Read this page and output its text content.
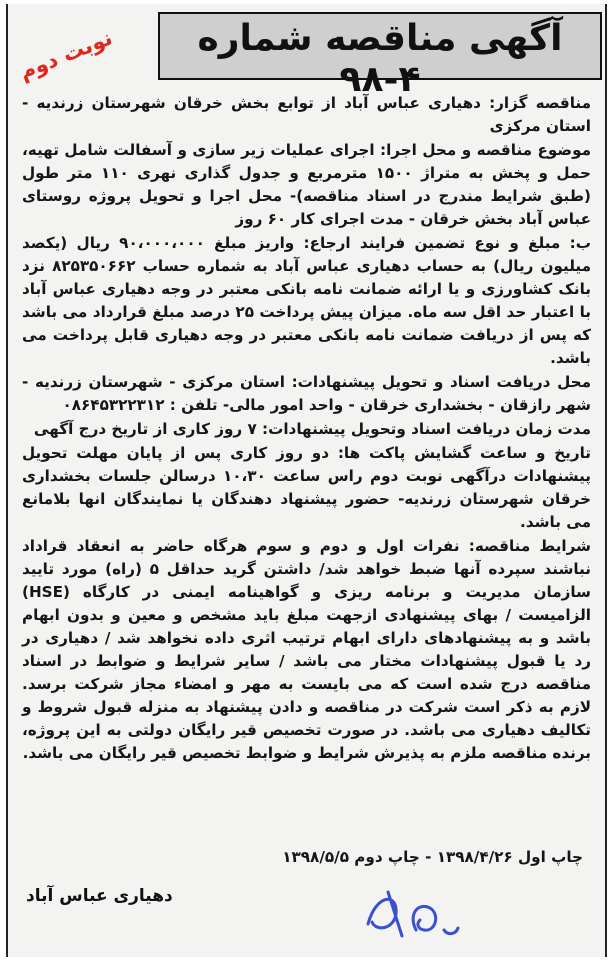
آگهی مناقصه شماره ۴-۹۸
نوبت دوم

مناقصه گزار: دهیاری عباس آباد از توابع بخش خرقان شهرستان زرندیه - استان مرکزی

موضوع مناقصه و محل اجرا: اجرای عملیات زیر سازی و آسفالت شامل تهیه، حمل و پخش به متراژ ۱۵۰۰ مترمربع و جدول گذاری نهری ۱۱۰ متر طول (طبق شرایط مندرج در اسناد مناقصه)- محل اجرا و تحویل پروژه روستای عباس آباد بخش خرقان - مدت اجرای کار ۶۰ روز

ب: مبلغ و نوع تضمین فرایند ارجاع: واریز مبلغ ۹۰،۰۰۰،۰۰۰ ریال (یکصد میلیون ریال) به حساب دهیاری عباس آباد به شماره حساب ۸۲۵۳۵۰۶۶۲ نزد بانک کشاورزی و یا ارائه ضمانت نامه بانکی معتبر در وجه دهیاری عباس آباد با اعتبار حد اقل سه ماه. میزان پیش پرداخت ۲۵ درصد مبلغ قرارداد می باشد که پس از دریافت ضمانت نامه بانکی معتبر در وجه دهیاری قابل پرداخت می باشد.

محل دریافت اسناد و تحویل پیشنهادات: استان مرکزی - شهرستان زرندیه - شهر رازقان - بخشداری خرقان - واحد امور مالی- تلفن : ۰۸۶۴۵۳۲۲۳۱۲

مدت زمان دریافت اسناد وتحویل پیشنهادات: ۷ روز کاری از تاریخ درج آگهی

تاریخ و ساعت گشایش پاکت ها: دو روز کاری پس از پایان مهلت تحویل پیشنهادات درآگهی نوبت دوم راس ساعت ۱۰،۳۰ درسالن جلسات بخشداری خرقان شهرستان زرندیه- حضور پیشنهاد دهندگان یا نمایندگان انها بلامانع می باشد.

شرایط مناقصه: نفرات اول و دوم و سوم هرگاه حاضر به انعقاد قراداد نباشند سپرده آنها ضبط خواهد شد/ داشتن گرید حداقل ۵ (راه) مورد تایید سازمان مدیریت و برنامه ریزی و گواهینامه ایمنی در کارگاه (HSE) الزامیست / بهای پیشنهادی ازجهت مبلغ باید مشخص و معین و بدون ابهام باشد و به پیشنهادهای دارای ابهام ترتیب اثری داده نخواهد شد / دهیاری در رد یا قبول پیشنهادات مختار می باشد / سایر شرایط و ضوابط در اسناد مناقصه درج شده است که می بایست به مهر و امضاء مجاز شرکت برسد. لازم به ذکر است شرکت در مناقصه و دادن پیشنهاد به منزله قبول شروط و تکالیف دهیاری می باشد. در صورت تخصیص قیر رایگان دولتی به این پروژه، برنده مناقصه ملزم به پذیرش شرایط و ضوابط تخصیص قیر رایگان می باشد.

چاپ اول ۱۳۹۸/۴/۲۶ - چاپ دوم ۱۳۹۸/۵/۵
دهیاری عباس آباد
